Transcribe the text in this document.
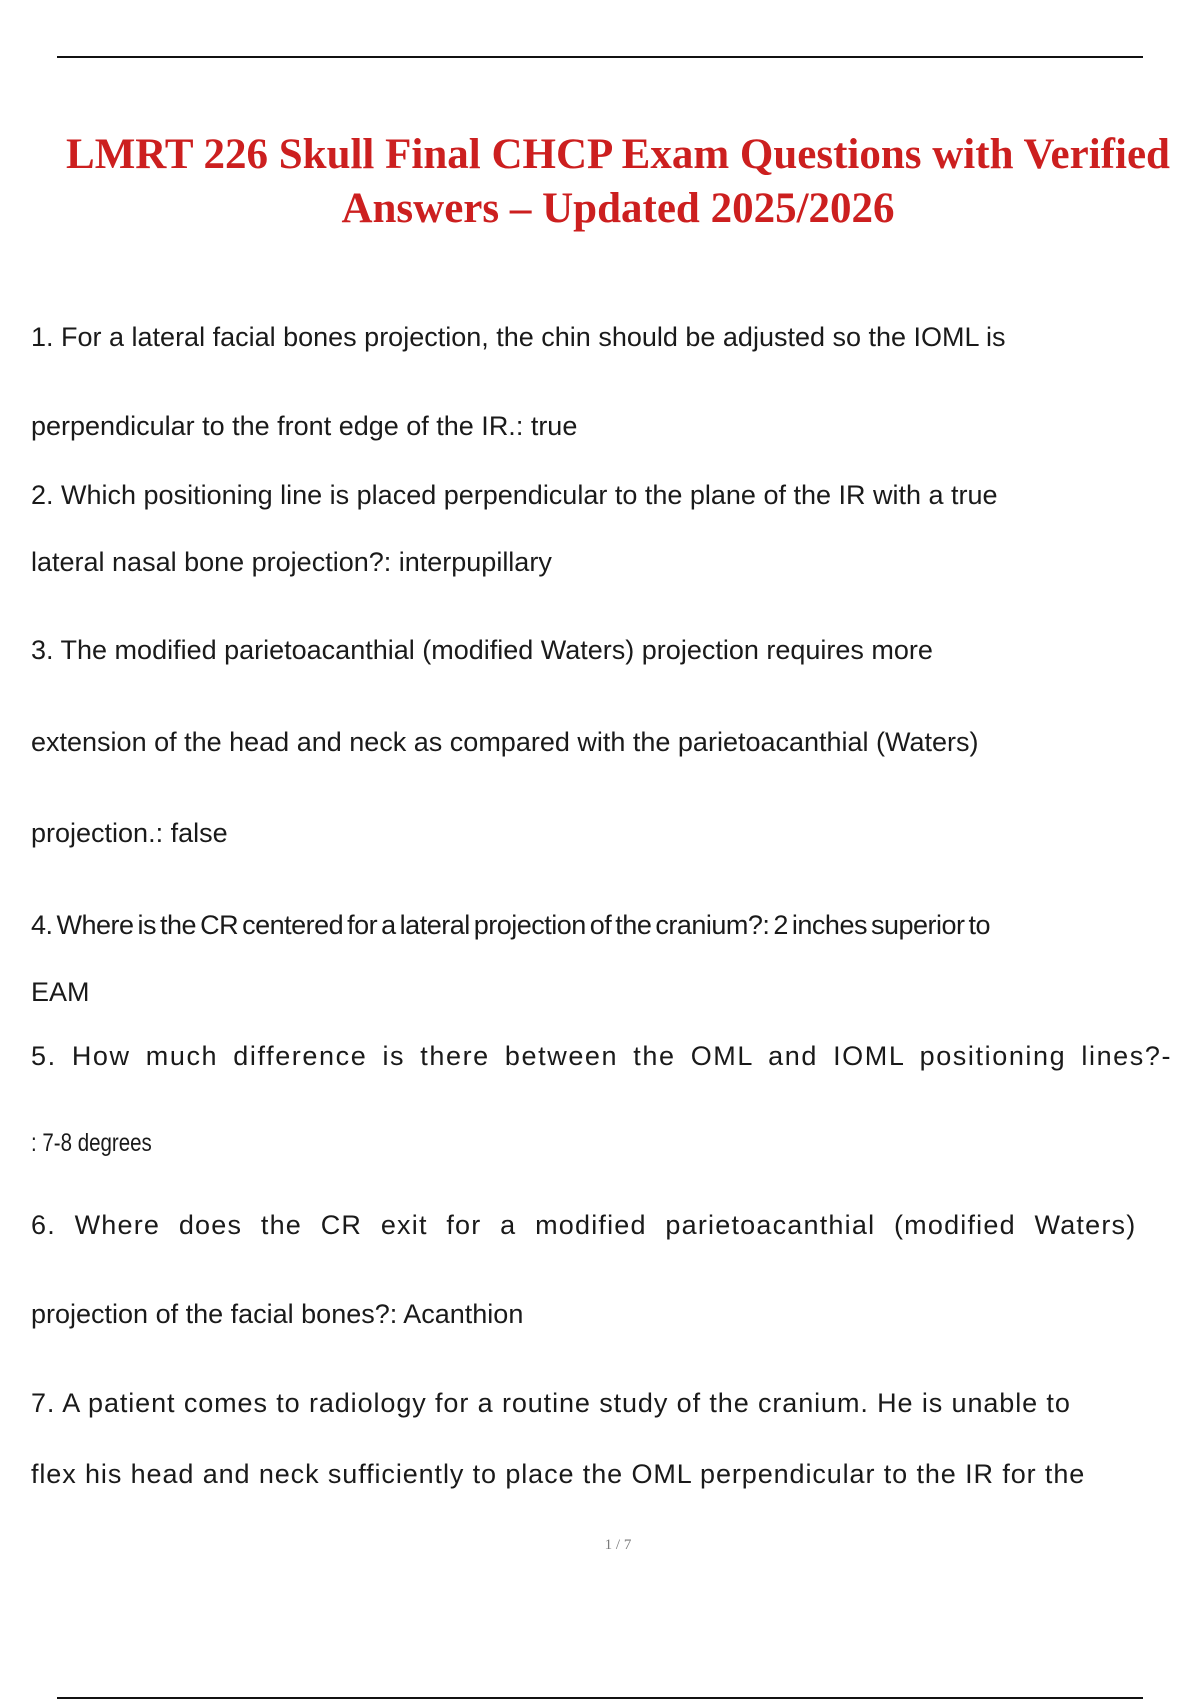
LMRT 226 Skull Final CHCP Exam Questions with Verified
Answers – Updated 2025/2026

1. For a lateral facial bones projection, the chin should be adjusted so the IOML is

perpendicular to the front edge of the IR.: true

2. Which positioning line is placed perpendicular to the plane of the IR with a true

lateral nasal bone projection?: interpupillary

3. The modified parietoacanthial (modified Waters) projection requires more

extension of the head and neck as compared with the parietoacanthial (Waters)

projection.: false

4. Where is the CR centered for a lateral projection of the cranium?: 2 inches superior to

EAM

5. How much difference is there between the OML and IOML positioning lines?-

: 7-8 degrees

6. Where does the CR exit for a modified parietoacanthial (modified Waters)

projection of the facial bones?: Acanthion

7. A patient comes to radiology for a routine study of the cranium. He is unable to

flex his head and neck sufficiently to place the OML perpendicular to the IR for the

1 / 7
